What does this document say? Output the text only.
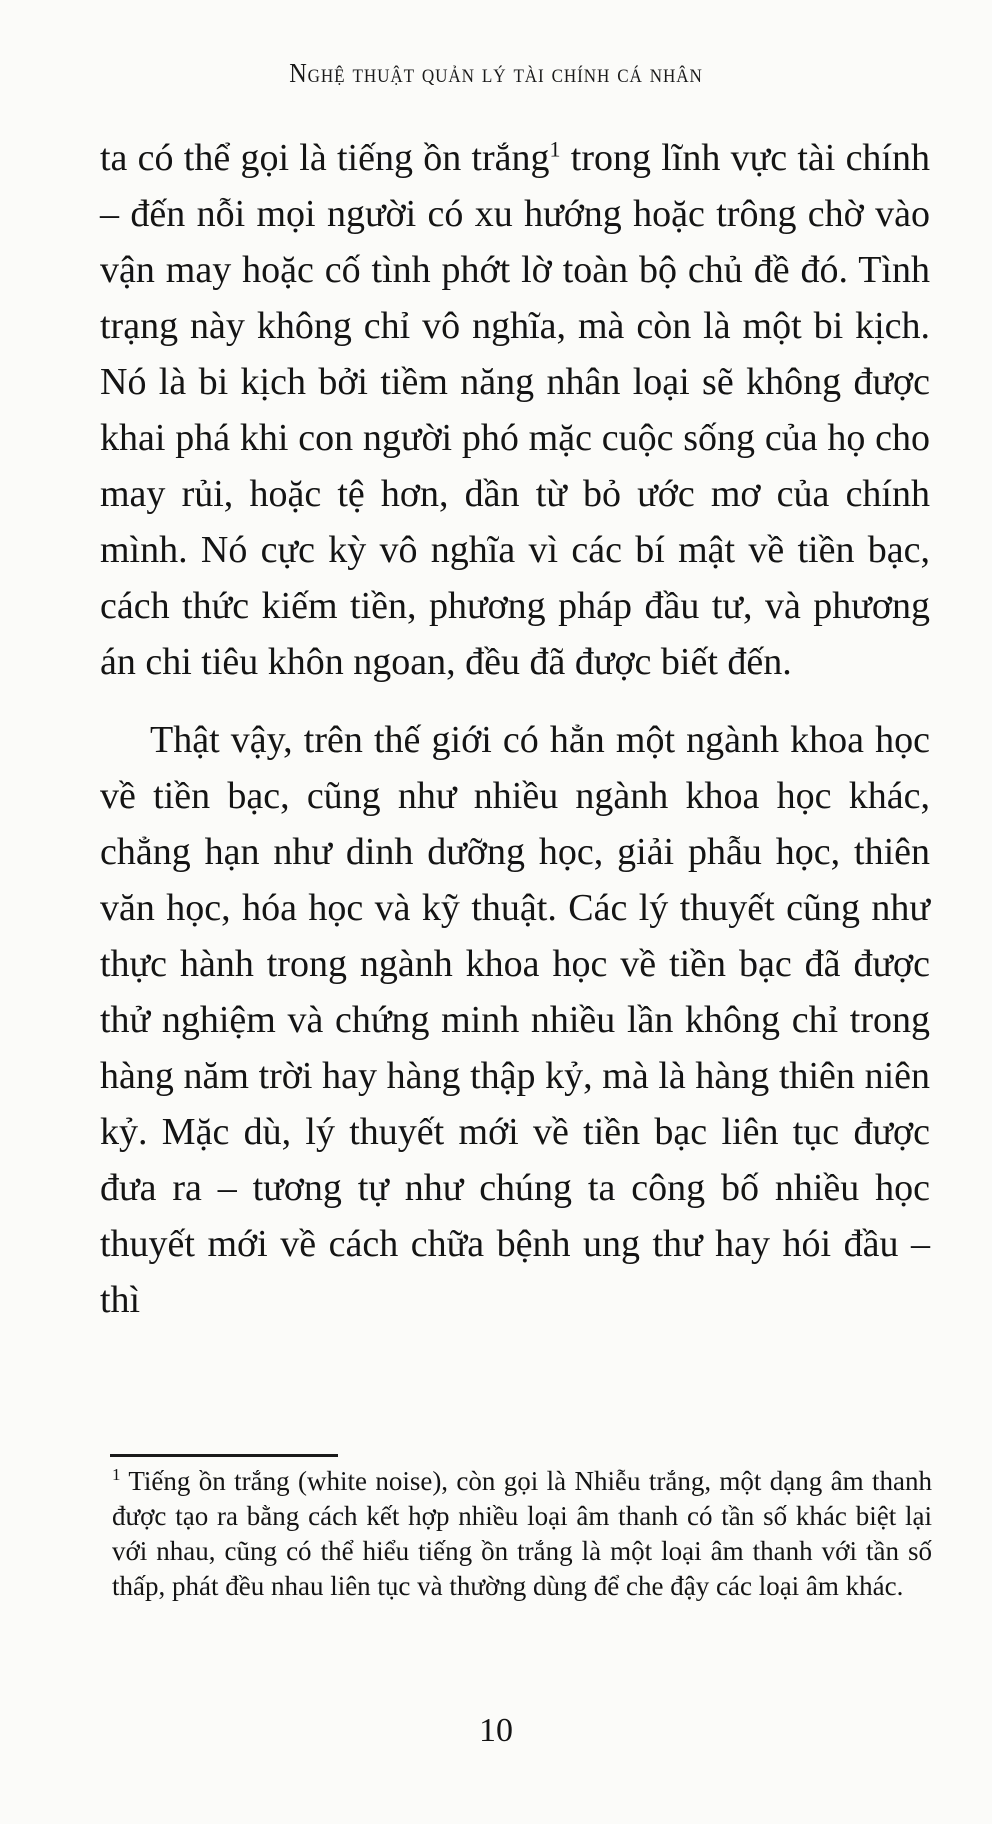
Nghệ thuật quản lý tài chính cá nhân

ta có thể gọi là tiếng ồn trắng$^1$ trong lĩnh vực tài chính – đến nỗi mọi người có xu hướng hoặc trông chờ vào vận may hoặc cố tình phớt lờ toàn bộ chủ đề đó. Tình trạng này không chỉ vô nghĩa, mà còn là một bi kịch. Nó là bi kịch bởi tiềm năng nhân loại sẽ không được khai phá khi con người phó mặc cuộc sống của họ cho may rủi, hoặc tệ hơn, dần từ bỏ ước mơ của chính mình. Nó cực kỳ vô nghĩa vì các bí mật về tiền bạc, cách thức kiếm tiền, phương pháp đầu tư, và phương án chi tiêu khôn ngoan, đều đã được biết đến.

Thật vậy, trên thế giới có hẳn một ngành khoa học về tiền bạc, cũng như nhiều ngành khoa học khác, chẳng hạn như dinh dưỡng học, giải phẫu học, thiên văn học, hóa học và kỹ thuật. Các lý thuyết cũng như thực hành trong ngành khoa học về tiền bạc đã được thử nghiệm và chứng minh nhiều lần không chỉ trong hàng năm trời hay hàng thập kỷ, mà là hàng thiên niên kỷ. Mặc dù, lý thuyết mới về tiền bạc liên tục được đưa ra – tương tự như chúng ta công bố nhiều học thuyết mới về cách chữa bệnh ung thư hay hói đầu – thì

$^1$ Tiếng ồn trắng (white noise), còn gọi là Nhiễu trắng, một dạng âm thanh được tạo ra bằng cách kết hợp nhiều loại âm thanh có tần số khác biệt lại với nhau, cũng có thể hiểu tiếng ồn trắng là một loại âm thanh với tần số thấp, phát đều nhau liên tục và thường dùng để che đậy các loại âm khác.
10
